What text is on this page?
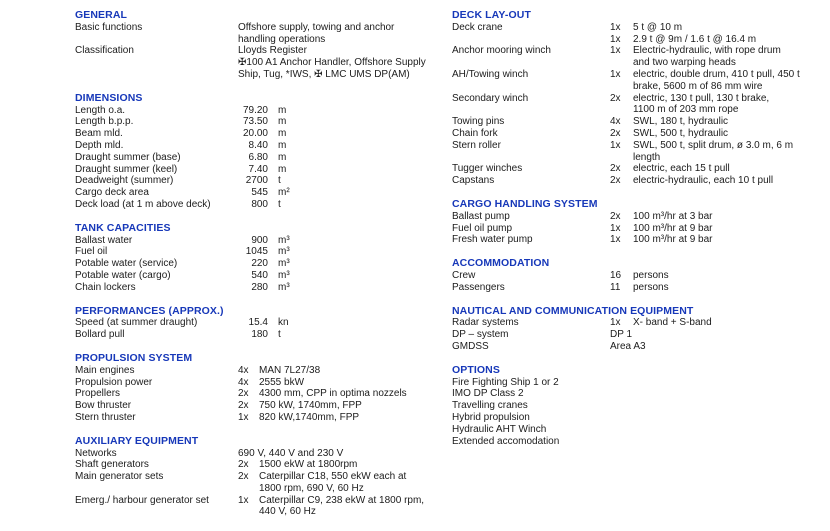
GENERAL
Basic functions	Offshore supply, towing and anchor
handling operations
Classification	Lloyds Register
✠100 A1 Anchor Handler, Offshore Supply
Ship, Tug, *IWS, ✠ LMC UMS DP(AM)
DIMENSIONS
Length o.a.	79.20 m
Length b.p.p.	73.50 m
Beam mld.	20.00 m
Depth mld.	8.40 m
Draught summer (base)	6.80 m
Draught summer (keel)	7.40 m
Deadweight (summer)	2700 t
Cargo deck area	545 m²
Deck load (at 1 m above deck)	800 t
TANK CAPACITIES
Ballast water	900 m³
Fuel oil	1045 m³
Potable water (service)	220 m³
Potable water (cargo)	540 m³
Chain lockers	280 m³
PERFORMANCES (APPROX.)
Speed (at summer draught)	15.4 kn
Bollard pull	180 t
PROPULSION SYSTEM
Main engines	4x	MAN 7L27/38
Propulsion power	4x	2555 bkW
Propellers	2x	4300 mm, CPP in optima nozzels
Bow thruster	2x	750 kW, 1740mm, FPP
Stern thruster	1x	820 kW,1740mm, FPP
AUXILIARY EQUIPMENT
Networks	690 V, 440 V and 230 V
Shaft generators	2x	1500 ekW at 1800rpm
Main generator sets	2x	Caterpillar C18, 550 ekW each at
1800 rpm, 690 V, 60 Hz
Emerg./ harbour generator set	1x	Caterpillar C9, 238 ekW at 1800 rpm,
440 V, 60 Hz
DECK LAY-OUT
Deck crane	1x	5 t @ 10 m
1x	2.9 t @ 9m / 1.6 t @ 16.4 m
Anchor mooring winch	1x	Electric-hydraulic, with rope drum
and two warping heads
AH/Towing winch	1x	electric, double drum, 410 t pull, 450 t
brake, 5600 m of 86 mm wire
Secondary winch	2x	electric, 130 t pull, 130 t brake,
1100 m of 203 mm rope
Towing pins	4x	SWL, 180 t, hydraulic
Chain fork	2x	SWL, 500 t, hydraulic
Stern roller	1x	SWL, 500 t, split drum, ø 3.0 m, 6 m
length
Tugger winches	2x	electric, each 15 t pull
Capstans	2x	electric-hydraulic, each 10 t pull
CARGO HANDLING SYSTEM
Ballast pump	2x	100 m³/hr at 3 bar
Fuel oil pump	1x	100 m³/hr at 9 bar
Fresh water pump	1x	100 m³/hr at 9 bar
ACCOMMODATION
Crew	16	persons
Passengers	11	persons
NAUTICAL AND COMMUNICATION EQUIPMENT
Radar systems	1x	X- band + S-band
DP – system	DP 1
GMDSS	Area A3
OPTIONS
Fire Fighting Ship 1 or 2
IMO DP Class 2
Travelling cranes
Hybrid propulsion
Hydraulic AHT Winch
Extended accomodation
